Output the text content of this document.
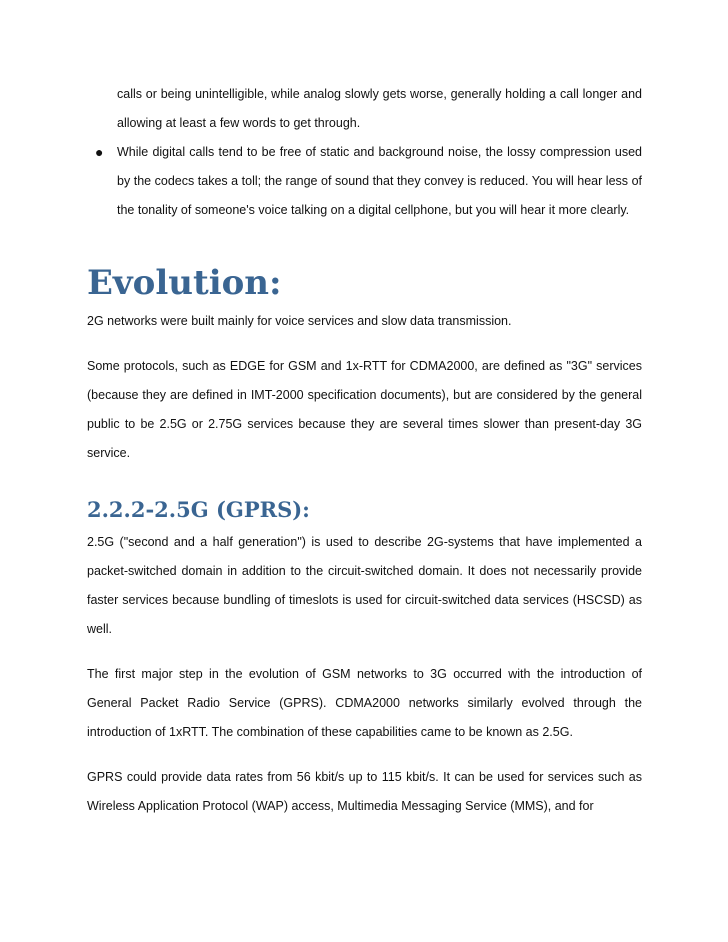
calls or being unintelligible, while analog slowly gets worse, generally holding a call longer and allowing at least a few words to get through.

● While digital calls tend to be free of static and background noise, the lossy compression used by the codecs takes a toll; the range of sound that they convey is reduced. You will hear less of the tonality of someone's voice talking on a digital cellphone, but you will hear it more clearly.

Evolution:

2G networks were built mainly for voice services and slow data transmission.

Some protocols, such as EDGE for GSM and 1x-RTT for CDMA2000, are defined as "3G" services (because they are defined in IMT-2000 specification documents), but are considered by the general public to be 2.5G or 2.75G services because they are several times slower than present-day 3G service.

2.2.2-2.5G (GPRS):

2.5G ("second and a half generation") is used to describe 2G-systems that have implemented a packet-switched domain in addition to the circuit-switched domain. It does not necessarily provide faster services because bundling of timeslots is used for circuit-switched data services (HSCSD) as well.

The first major step in the evolution of GSM networks to 3G occurred with the introduction of General Packet Radio Service (GPRS). CDMA2000 networks similarly evolved through the introduction of 1xRTT. The combination of these capabilities came to be known as 2.5G.

GPRS could provide data rates from 56 kbit/s up to 115 kbit/s. It can be used for services such as Wireless Application Protocol (WAP) access, Multimedia Messaging Service (MMS), and for
